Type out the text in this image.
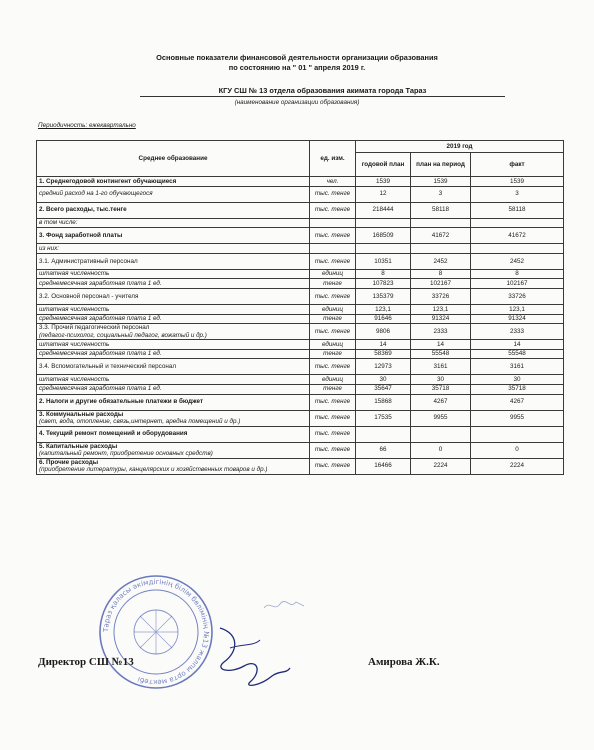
Основные показатели финансовой деятельности организации образования
по состоянию на " 01 " апреля 2019 г.
КГУ СШ № 13 отдела образования акимата города Тараз
(наименование организации образования)
Периодичность: ежеквартально
Среднее образование	ед. изм.	2019 год		
		годовой план	план на период	факт
1. Среднегодовой контингент обучающиеся	чел.	1539	1539	1539
средний расход на 1-го обучающегося	тыс. тенге	12	3	3
2. Всего расходы, тыс.тенге	тыс. тенге	218444	58118	58118
в том числе:				
3. Фонд заработной платы	тыс. тенге	168509	41672	41672
из них:				
3.1. Административный персонал	тыс. тенге	10351	2452	2452
штатная численность	единиц	8	8	8
среднемесячная заработная плата 1 ед.	тенге	107823	102167	102167
3.2. Основной персонал - учителя	тыс. тенге	135379	33726	33726
штатная численность	единиц	123,1	123,1	123,1
среднемесячная заработная плата 1 ед.	тенге	91646	91324	91324
3.3. Прочий педагогический персонал
(педагог-психолог, социальный педагог, вожатый и др.)	тыс. тенге	9806	2333	2333
штатная численность	единиц	14	14	14
среднемесячная заработная плата 1 ед.	тенге	58369	55548	55548
3.4. Вспомогательный и технический персонал	тыс. тенге	12973	3161	3161
штатная численность	единиц	30	30	30
среднемесячная заработная плата 1 ед.	тенге	35647	35718	35718
2. Налоги и другие обязательные платежи в бюджет	тыс. тенге	15868	4267	4267
3. Коммунальные расходы
(свет, вода, отопление, связь,интернет, аредна помещений и др.)	тыс. тенге	17535	9955	9955
4. Текущий ремонт помещений и оборудования	тыс. тенге			
5. Капитальные расходы
(капитальный ремонт, приобретение основных средств)	тыс. тенге	66	0	0
6. Прочие расходы
(приобретение литературы, канцелярских и хозяйственных товаров и др.)	тыс. тенге	16466	2224	2224
Тараз қаласы әкімдігінің білім бөлімінің №13 жалпы орта мектебі
Директор СШ №13	Амирова Ж.К.
